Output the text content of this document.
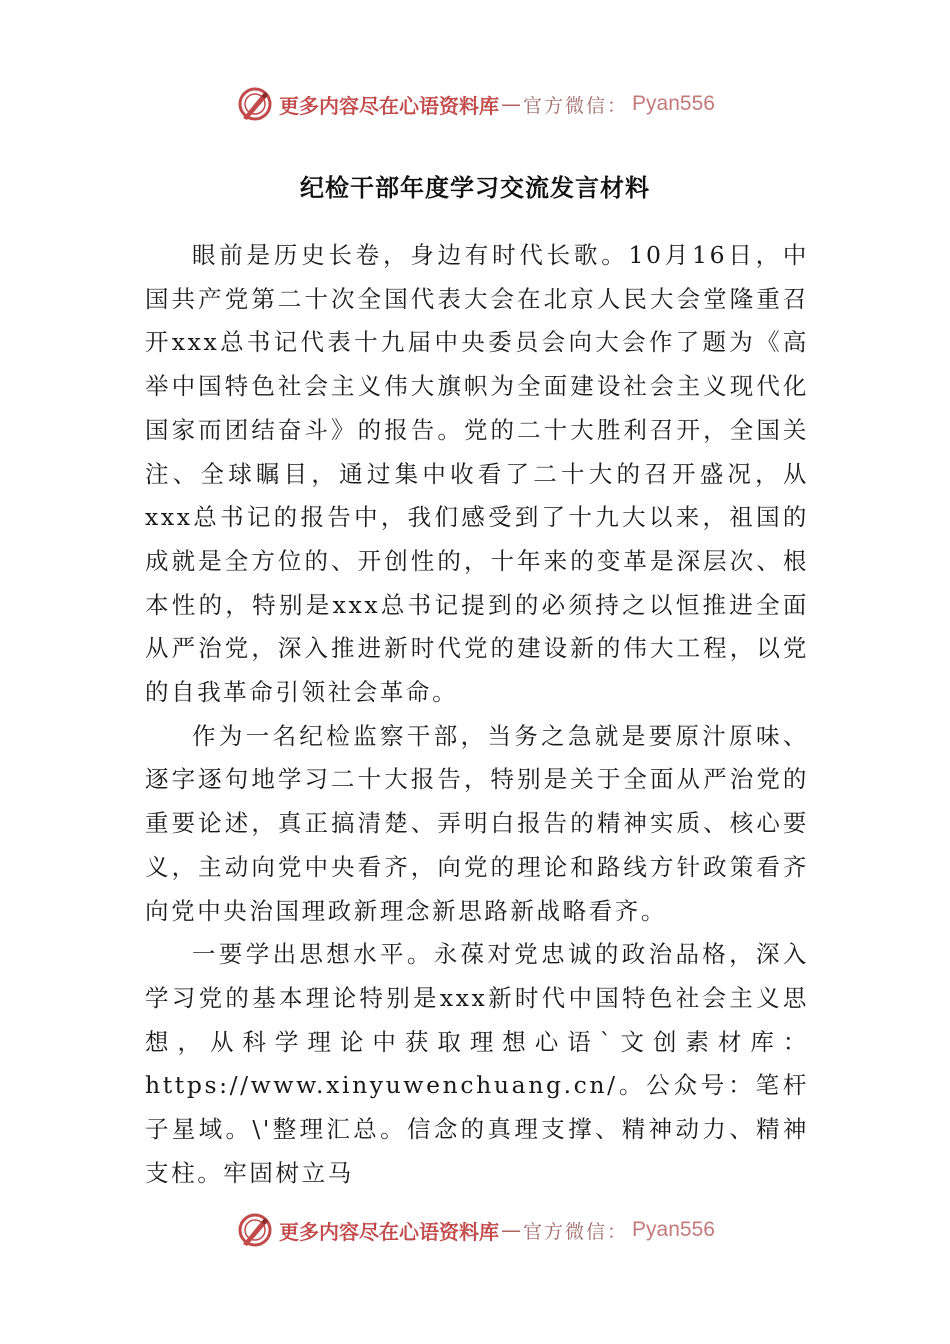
更多内容尽在心语资料库 — 官方微信： Pyan556
纪检干部年度学习交流发言材料

眼前是历史长卷，身边有时代长歌。10月16日，中国共产党第二十次全国代表大会在北京人民大会堂隆重召开xxx总书记代表十九届中央委员会向大会作了题为《高举中国特色社会主义伟大旗帜为全面建设社会主义现代化国家而团结奋斗》的报告。党的二十大胜利召开，全国关注、全球瞩目，通过集中收看了二十大的召开盛况，从xxx总书记的报告中，我们感受到了十九大以来，祖国的成就是全方位的、开创性的，十年来的变革是深层次、根本性的，特别是xxx总书记提到的必须持之以恒推进全面从严治党，深入推进新时代党的建设新的伟大工程，以党的自我革命引领社会革命。

作为一名纪检监察干部，当务之急就是要原汁原味、逐字逐句地学习二十大报告，特别是关于全面从严治党的重要论述，真正搞清楚、弄明白报告的精神实质、核心要义，主动向党中央看齐，向党的理论和路线方针政策看齐向党中央治国理政新理念新思路新战略看齐。

一要学出思想水平。永葆对党忠诚的政治品格，深入学习党的基本理论特别是xxx新时代中国特色社会主义思想，从科学理论中获取理想心语`文创素材库：https://www.xinyuwenchuang.cn/。公众号：笔杆子星域。\'整理汇总。信念的真理支撑、精神动力、精神支柱。牢固树立马

更多内容尽在心语资料库 — 官方微信： Pyan556
